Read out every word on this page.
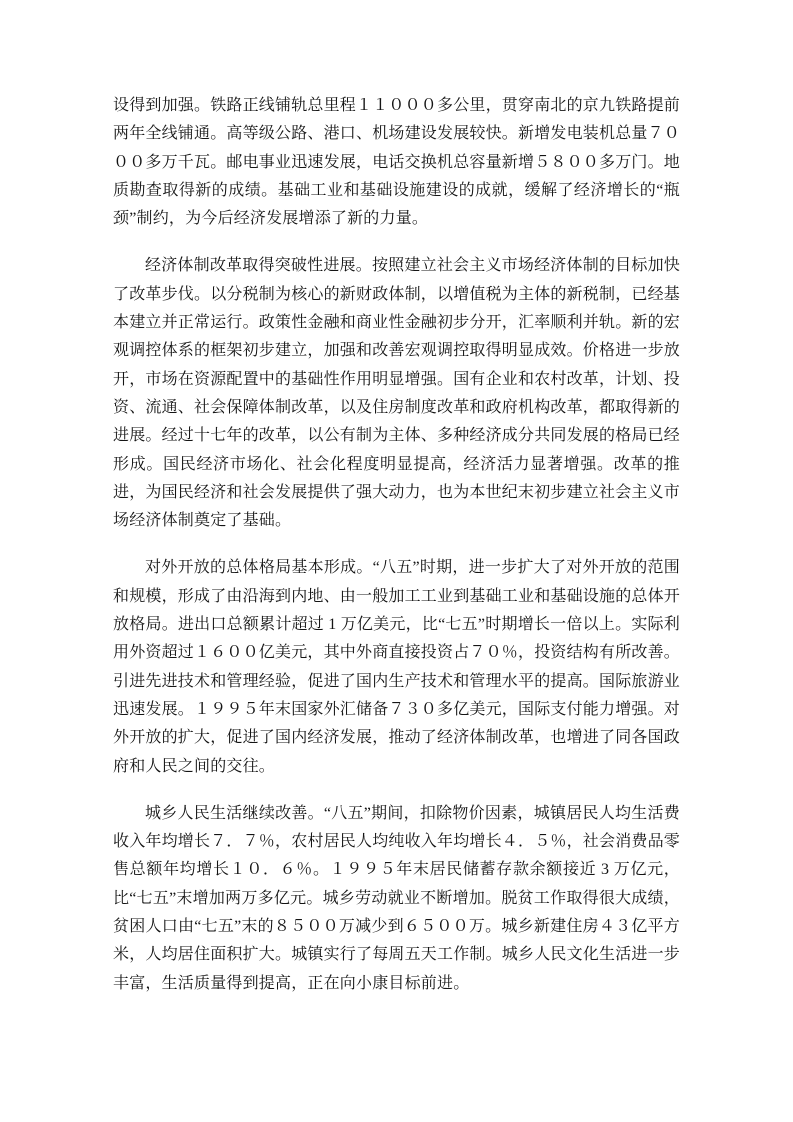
设得到加强。铁路正线铺轨总里程１１０００多公里，贯穿南北的京九铁路提前两年全线铺通。高等级公路、港口、机场建设发展较快。新增发电装机总量７０００多万千瓦。邮电事业迅速发展，电话交换机总容量新增５８００多万门。地质勘查取得新的成绩。基础工业和基础设施建设的成就，缓解了经济增长的“瓶颈”制约，为今后经济发展增添了新的力量。

经济体制改革取得突破性进展。按照建立社会主义市场经济体制的目标加快了改革步伐。以分税制为核心的新财政体制，以增值税为主体的新税制，已经基本建立并正常运行。政策性金融和商业性金融初步分开，汇率顺利并轨。新的宏观调控体系的框架初步建立，加强和改善宏观调控取得明显成效。价格进一步放开，市场在资源配置中的基础性作用明显增强。国有企业和农村改革，计划、投资、流通、社会保障体制改革，以及住房制度改革和政府机构改革，都取得新的进展。经过十七年的改革，以公有制为主体、多种经济成分共同发展的格局已经形成。国民经济市场化、社会化程度明显提高，经济活力显著增强。改革的推进，为国民经济和社会发展提供了强大动力，也为本世纪末初步建立社会主义市场经济体制奠定了基础。

对外开放的总体格局基本形成。“八五”时期，进一步扩大了对外开放的范围和规模，形成了由沿海到内地、由一般加工工业到基础工业和基础设施的总体开放格局。进出口总额累计超过 1 万亿美元，比“七五”时期增长一倍以上。实际利用外资超过１６００亿美元，其中外商直接投资占７０％，投资结构有所改善。引进先进技术和管理经验，促进了国内生产技术和管理水平的提高。国际旅游业迅速发展。１９９５年末国家外汇储备７３０多亿美元，国际支付能力增强。对外开放的扩大，促进了国内经济发展，推动了经济体制改革，也增进了同各国政府和人民之间的交往。

城乡人民生活继续改善。“八五”期间，扣除物价因素，城镇居民人均生活费收入年均增长７．７％，农村居民人均纯收入年均增长４．５％，社会消费品零售总额年均增长１０．６％。１９９５年末居民储蓄存款余额接近 3 万亿元，比“七五”末增加两万多亿元。城乡劳动就业不断增加。脱贫工作取得很大成绩，贫困人口由“七五”末的８５００万减少到６５００万。城乡新建住房４３亿平方米，人均居住面积扩大。城镇实行了每周五天工作制。城乡人民文化生活进一步丰富，生活质量得到提高，正在向小康目标前进。
